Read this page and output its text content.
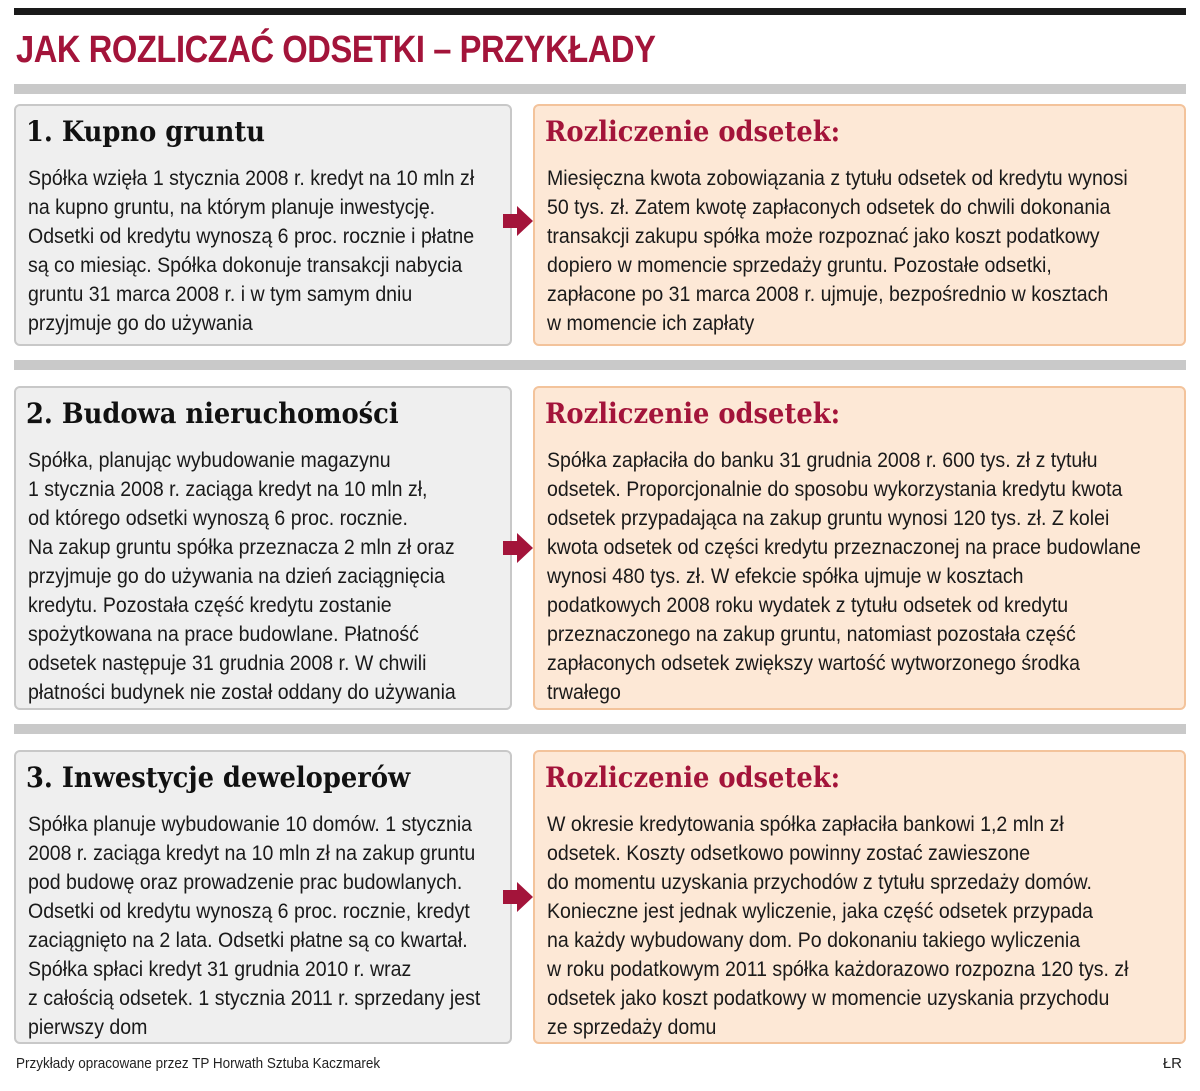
JAK ROZLICZAĆ ODSETKI – PRZYKŁADY
1. Kupno gruntu
Spółka wzięła 1 stycznia 2008 r. kredyt na 10 mln zł
na kupno gruntu, na którym planuje inwestycję.
Odsetki od kredytu wynoszą 6 proc. rocznie i płatne
są co miesiąc. Spółka dokonuje transakcji nabycia
gruntu 31 marca 2008 r. i w tym samym dniu
przyjmuje go do używania
Rozliczenie odsetek:
Miesięczna kwota zobowiązania z tytułu odsetek od kredytu wynosi
50 tys. zł. Zatem kwotę zapłaconych odsetek do chwili dokonania
transakcji zakupu spółka może rozpoznać jako koszt podatkowy
dopiero w momencie sprzedaży gruntu. Pozostałe odsetki,
zapłacone po 31 marca 2008 r. ujmuje, bezpośrednio w kosztach
w momencie ich zapłaty
2. Budowa nieruchomości
Spółka, planując wybudowanie magazynu
1 stycznia 2008 r. zaciąga kredyt na 10 mln zł,
od którego odsetki wynoszą 6 proc. rocznie.
Na zakup gruntu spółka przeznacza 2 mln zł oraz
przyjmuje go do używania na dzień zaciągnięcia
kredytu. Pozostała część kredytu zostanie
spożytkowana na prace budowlane. Płatność
odsetek następuje 31 grudnia 2008 r. W chwili
płatności budynek nie został oddany do używania
Rozliczenie odsetek:
Spółka zapłaciła do banku 31 grudnia 2008 r. 600 tys. zł z tytułu
odsetek. Proporcjonalnie do sposobu wykorzystania kredytu kwota
odsetek przypadająca na zakup gruntu wynosi 120 tys. zł. Z kolei
kwota odsetek od części kredytu przeznaczonej na prace budowlane
wynosi 480 tys. zł. W efekcie spółka ujmuje w kosztach
podatkowych 2008 roku wydatek z tytułu odsetek od kredytu
przeznaczonego na zakup gruntu, natomiast pozostała część
zapłaconych odsetek zwiększy wartość wytworzonego środka
trwałego
3. Inwestycje deweloperów
Spółka planuje wybudowanie 10 domów. 1 stycznia
2008 r. zaciąga kredyt na 10 mln zł na zakup gruntu
pod budowę oraz prowadzenie prac budowlanych.
Odsetki od kredytu wynoszą 6 proc. rocznie, kredyt
zaciągnięto na 2 lata. Odsetki płatne są co kwartał.
Spółka spłaci kredyt 31 grudnia 2010 r. wraz
z całością odsetek. 1 stycznia 2011 r. sprzedany jest
pierwszy dom
Rozliczenie odsetek:
W okresie kredytowania spółka zapłaciła bankowi 1,2 mln zł
odsetek. Koszty odsetkowo powinny zostać zawieszone
do momentu uzyskania przychodów z tytułu sprzedaży domów.
Konieczne jest jednak wyliczenie, jaka część odsetek przypada
na każdy wybudowany dom. Po dokonaniu takiego wyliczenia
w roku podatkowym 2011 spółka każdorazowo rozpozna 120 tys. zł
odsetek jako koszt podatkowy w momencie uzyskania przychodu
ze sprzedaży domu
Przykłady opracowane przez TP Horwath Sztuba Kaczmarek	ŁR
